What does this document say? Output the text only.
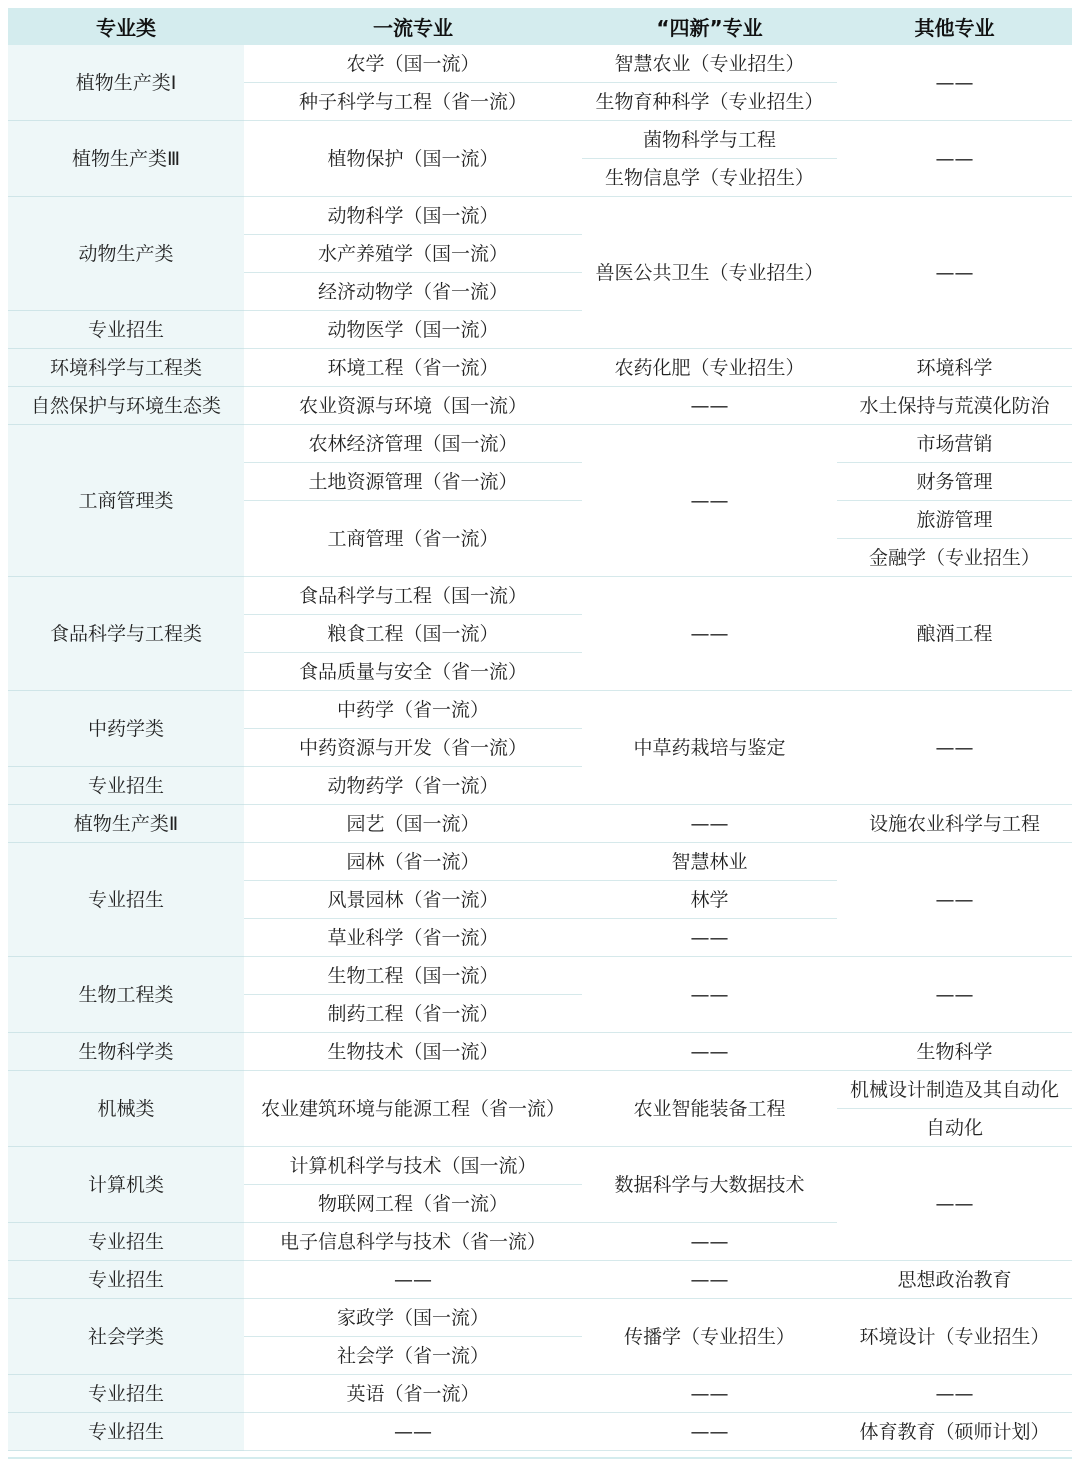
专业类	一流专业	“四新”专业	其他专业
植物生产类Ⅰ	农学（国一流）	智慧农业（专业招生）	——
	种子科学与工程（省一流）	生物育种科学（专业招生）	
植物生产类Ⅲ	植物保护（国一流）	菌物科学与工程	——
		生物信息学（专业招生）	
动物生产类	动物科学（国一流）	兽医公共卫生（专业招生）	——
	水产养殖学（国一流）		
	经济动物学（省一流）		
专业招生	动物医学（国一流）		
环境科学与工程类	环境工程（省一流）	农药化肥（专业招生）	环境科学
自然保护与环境生态类	农业资源与环境（国一流）	——	水土保持与荒漠化防治
工商管理类	农林经济管理（国一流）	——	市场营销
	土地资源管理（省一流）		财务管理
	工商管理（省一流）		旅游管理
			金融学（专业招生）
食品科学与工程类	食品科学与工程（国一流）	——	酿酒工程
	粮食工程（国一流）		
	食品质量与安全（省一流）		
中药学类	中药学（省一流）	中草药栽培与鉴定	——
	中药资源与开发（省一流）		
专业招生	动物药学（省一流）		
植物生产类Ⅱ	园艺（国一流）	——	设施农业科学与工程
专业招生	园林（省一流）	智慧林业	——
	风景园林（省一流）	林学	
	草业科学（省一流）	——	
生物工程类	生物工程（国一流）	——	——
	制药工程（省一流）		
生物科学类	生物技术（国一流）	——	生物科学
机械类	农业建筑环境与能源工程（省一流）	农业智能装备工程	机械设计制造及其自动化
			自动化
计算机类	计算机科学与技术（国一流）	数据科学与大数据技术	——
	物联网工程（省一流）		
专业招生	电子信息科学与技术（省一流）	——	
专业招生	——	——	思想政治教育
社会学类	家政学（国一流）	传播学（专业招生）	环境设计（专业招生）
	社会学（省一流）		
专业招生	英语（省一流）	——	——
专业招生	——	——	体育教育（硕师计划）
